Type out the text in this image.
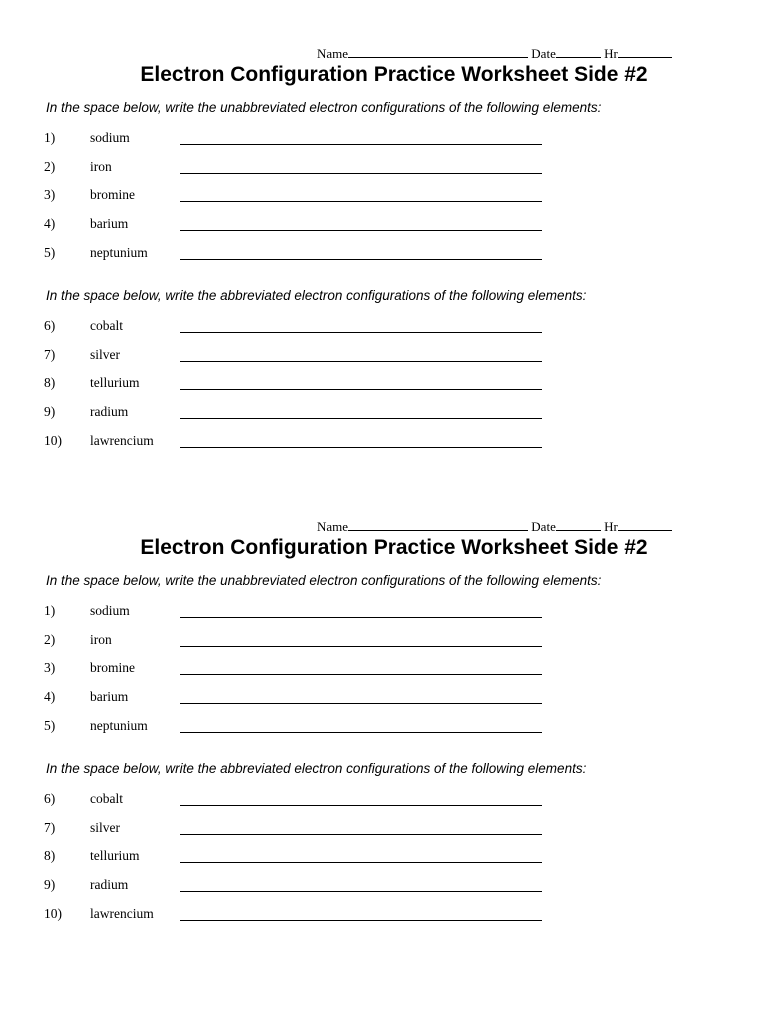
Name	Date	Hr
Electron Configuration Practice Worksheet Side #2
In the space below, write the unabbreviated electron configurations of the following elements:
1)	sodium
2)	iron
3)	bromine
4)	barium
5)	neptunium
In the space below, write the abbreviated electron configurations of the following elements:
6)	cobalt
7)	silver
8)	tellurium
9)	radium
10) lawrencium
Name	Date	Hr
Electron Configuration Practice Worksheet Side #2
In the space below, write the unabbreviated electron configurations of the following elements:
1)	sodium
2)	iron
3)	bromine
4)	barium
5)	neptunium
In the space below, write the abbreviated electron configurations of the following elements:
6)	cobalt
7)	silver
8)	tellurium
9)	radium
10) lawrencium
